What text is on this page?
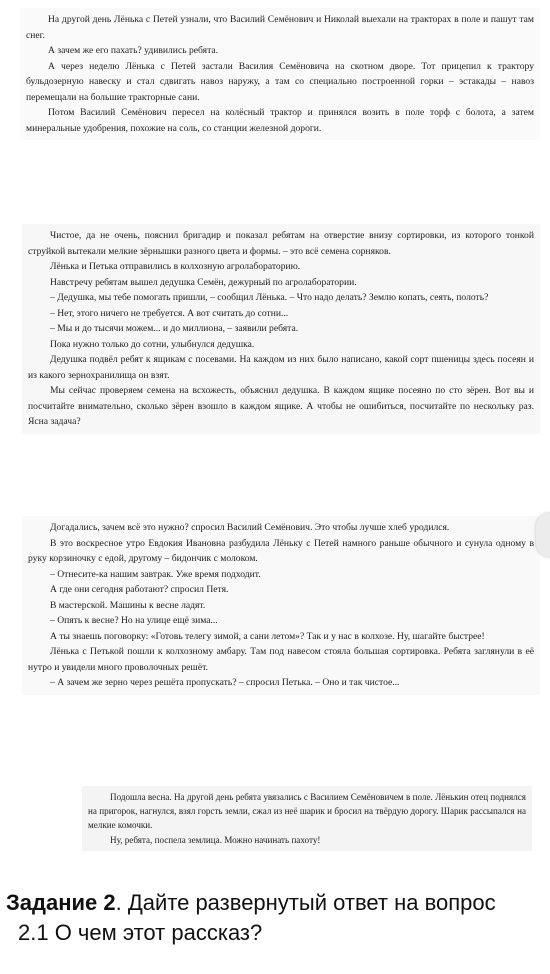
На другой день Лёнька с Петей узнали, что Василий Семёнович и Николай выехали на тракторах в поле и пашут там снег.

А зачем же его пахать? удивились ребята.

А через неделю Лёнька с Петей застали Василия Семёновича на скотном дворе. Тот прицепил к трактору бульдозерную навеску и стал сдвигать навоз наружу, а там со специально построенной горки – эстакады – навоз перемещали на большие тракторные сани.

Потом Василий Семёнович пересел на колёсный трактор и принялся возить в поле торф с болота, а затем минеральные удобрения, похожие на соль, со станции железной дороги.

Чистое, да не очень, пояснил бригадир и показал ребятам на отверстие внизу сортировки, из которого тонкой струйкой вытекали мелкие зёрнышки разного цвета и формы. – это всё семена сорняков.

Лёнька и Петька отправились в колхозную агролабораторию.

Навстречу ребятам вышел дедушка Семён, дежурный по агролаборатории.

– Дедушка, мы тебе помогать пришли, – сообщил Лёнька. – Что надо делать? Землю копать, сеять, полоть?

– Нет, этого ничего не требуется. А вот считать до сотни...

– Мы и до тысячи можем... и до миллиона, – заявили ребята.

Пока нужно только до сотни, улыбнулся дедушка.

Дедушка подвёл ребят к ящикам с посевами. На каждом из них было написано, какой сорт пшеницы здесь посеян и из какого зернохранилища он взят.

Мы сейчас проверяем семена на всхожесть, объяснил дедушка. В каждом ящике посеяно по сто зёрен. Вот вы и посчитайте внимательно, сколько зёрен взошло в каждом ящике. А чтобы не ошибиться, посчитайте по нескольку раз. Ясна задача?

Догадались, зачем всё это нужно? спросил Василий Семёнович. Это чтобы лучше хлеб уродился.

В это воскресное утро Евдокия Ивановна разбудила Лёньку с Петей намного раньше обычного и сунула одному в руку корзиночку с едой, другому – бидончик с молоком.

– Отнесите-ка нашим завтрак. Уже время подходит.

А где они сегодня работают? спросил Петя.

В мастерской. Машины к весне ладят.

– Опять к весне? Но на улице ещё зима...

А ты знаешь поговорку: «Готовь телегу зимой, а сани летом»? Так и у нас в колхозе. Ну, шагайте быстрее!

Лёнька с Петькой пошли к колхозному амбару. Там под навесом стояла большая сортировка. Ребята заглянули в её нутро и увидели много проволочных решёт.

– А зачем же зерно через решёта пропускать? – спросил Петька. – Оно и так чистое...

Подошла весна. На другой день ребята увязались с Василием Семёновичем в поле. Лёнькин отец поднялся на пригорок, нагнулся, взял горсть земли, сжал из неё шарик и бросил на твёрдую дорогу. Шарик рассыпался на мелкие комочки.

Ну, ребята, поспела землица. Можно начинать пахоту!

Задание 2. Дайте развернутый ответ на вопрос
2.1 О чем этот рассказ?
